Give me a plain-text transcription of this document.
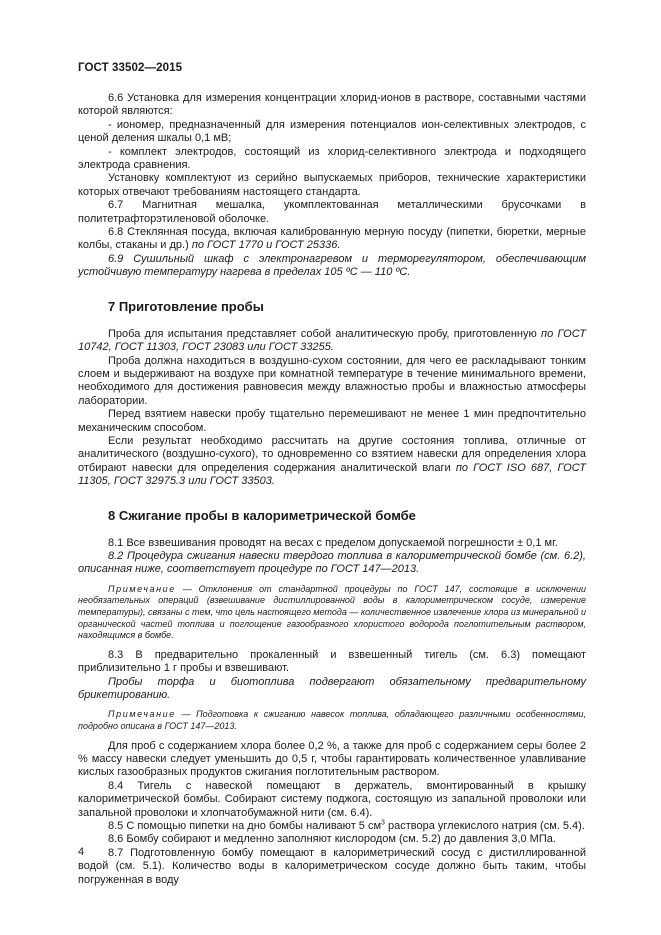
ГОСТ 33502—2015

6.6 Установка для измерения концентрации хлорид-ионов в растворе, составными частями которой являются:

- иономер, предназначенный для измерения потенциалов ион-селективных электродов, с ценой деления шкалы 0,1 мВ;

- комплект электродов, состоящий из хлорид-селективного электрода и подходящего электрода сравнения.

Установку комплектуют из серийно выпускаемых приборов, технические характеристики которых отвечают требованиям настоящего стандарта.

6.7 Магнитная мешалка, укомплектованная металлическими брусочками в политетрафторэтиленовой оболочке.

6.8 Стеклянная посуда, включая калиброванную мерную посуду (пипетки, бюретки, мерные колбы, стаканы и др.) по ГОСТ 1770 и ГОСТ 25336.

6.9 Сушильный шкаф с электронагревом и терморегулятором, обеспечивающим устойчивую температуру нагрева в пределах 105 ºС — 110 ºС.

7 Приготовление пробы

Проба для испытания представляет собой аналитическую пробу, приготовленную по ГОСТ 10742, ГОСТ 11303, ГОСТ 23083 или ГОСТ 33255.

Проба должна находиться в воздушно-сухом состоянии, для чего ее раскладывают тонким слоем и выдерживают на воздухе при комнатной температуре в течение минимального времени, необходимого для достижения равновесия между влажностью пробы и влажностью атмосферы лаборатории.

Перед взятием навески пробу тщательно перемешивают не менее 1 мин предпочтительно механическим способом.

Если результат необходимо рассчитать на другие состояния топлива, отличные от аналитического (воздушно-сухого), то одновременно со взятием навески для определения хлора отбирают навески для определения содержания аналитической влаги по ГОСТ ISO 687, ГОСТ 11305, ГОСТ 32975.3 или ГОСТ 33503.

8 Сжигание пробы в калориметрической бомбе

8.1 Все взвешивания проводят на весах с пределом допускаемой погрешности ± 0,1 мг.

8.2 Процедура сжигания навески твердого топлива в калориметрической бомбе (см. 6.2), описанная ниже, соответствует процедуре по ГОСТ 147—2013.

Примечание — Отклонения от стандартной процедуры по ГОСТ 147, состоящие в исключении необязательных операций (взвешивание дистиллированной воды в калориметрическом сосуде, измерение температуры), связаны с тем, что цель настоящего метода — количественное извлечение хлора из минеральной и органической частей топлива и поглощение газообразного хлористого водорода поглотительным раствором, находящимся в бомбе.

8.3 В предварительно прокаленный и взвешенный тигель (см. 6.3) помещают приблизительно 1 г пробы и взвешивают.

Пробы торфа и биотоплива подвергают обязательному предварительному брикетированию.

Примечание — Подготовка к сжиганию навесок топлива, обладающего различными особенностями, подробно описана в ГОСТ 147—2013.

Для проб с содержанием хлора более 0,2 %, а также для проб с содержанием серы более 2 % массу навески следует уменьшить до 0,5 г, чтобы гарантировать количественное улавливание кислых газообразных продуктов сжигания поглотительным раствором.

8.4 Тигель с навеской помещают в держатель, вмонтированный в крышку калориметрической бомбы. Собирают систему поджога, состоящую из запальной проволоки или запальной проволоки и хлопчатобумажной нити (см. 6.4).

8.5 С помощью пипетки на дно бомбы наливают 5 $см^3$ раствора углекислого натрия (см. 5.4).

8.6 Бомбу собирают и медленно заполняют кислородом (см. 5.2) до давления 3,0 МПа.

8.7 Подготовленную бомбу помещают в калориметрический сосуд с дистиллированной водой (см. 5.1). Количество воды в калориметрическом сосуде должно быть таким, чтобы погруженная в воду

4
